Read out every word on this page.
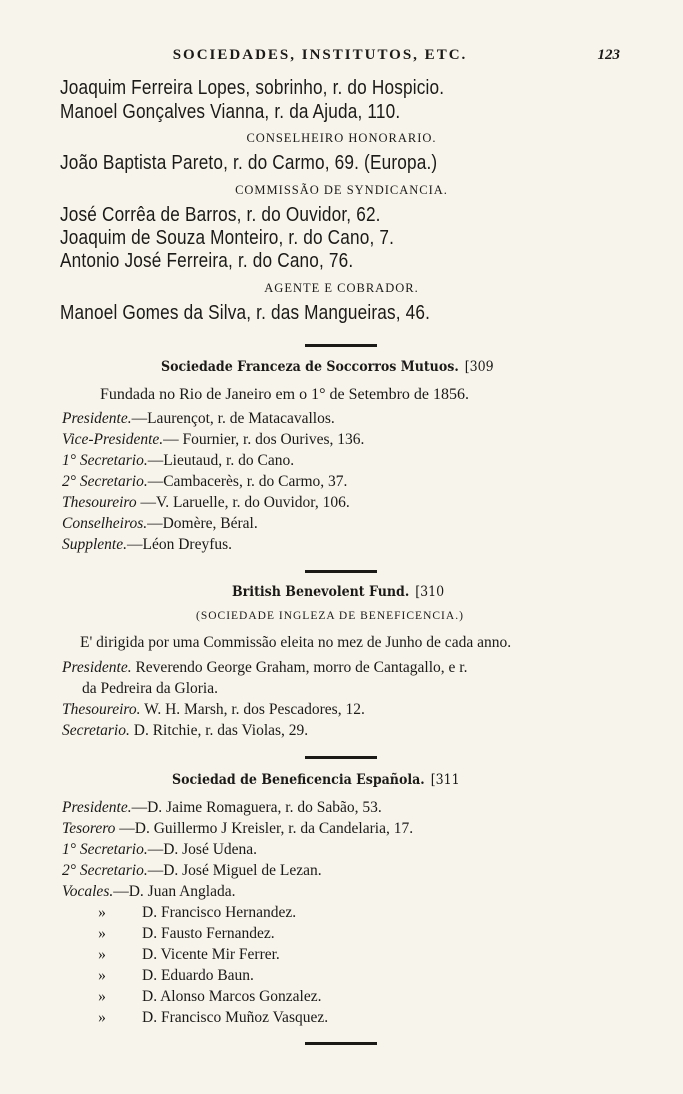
SOCIEDADES, INSTITUTOS, ETC.	123
Joaquim Ferreira Lopes, sobrinho, r. do Hospicio.
Manoel Gonçalves Vianna, r. da Ajuda, 110.
CONSELHEIRO HONORARIO.
João Baptista Pareto, r. do Carmo, 69. (Europa.)
COMMISSÃO DE SYNDICANCIA.
José Corrêa de Barros, r. do Ouvidor, 62.
Joaquim de Souza Monteiro, r. do Cano, 7.
Antonio José Ferreira, r. do Cano, 76.
AGENTE E COBRADOR.
Manoel Gomes da Silva, r. das Mangueiras, 46.
Sociedade Franceza de Soccorros Mutuos. [309
Fundada no Rio de Janeiro em o 1° de Setembro de 1856.
Presidente.—Laurençot, r. de Matacavallos.
Vice-Presidente.— Fournier, r. dos Ourives, 136.
1° Secretario.—Lieutaud, r. do Cano.
2° Secretario.—Cambacerès, r. do Carmo, 37.
Thesoureiro —V. Laruelle, r. do Ouvidor, 106.
Conselheiros.—Domère, Béral.
Supplente.—Léon Dreyfus.
British Benevolent Fund. [310
(SOCIEDADE INGLEZA DE BENEFICENCIA.)
E' dirigida por uma Commissão eleita no mez de Junho de cada anno.
Presidente. Reverendo George Graham, morro de Cantagallo, e r.
da Pedreira da Gloria.
Thesoureiro. W. H. Marsh, r. dos Pescadores, 12.
Secretario. D. Ritchie, r. das Violas, 29.
Sociedad de Beneficencia Española. [311
Presidente.—D. Jaime Romaguera, r. do Sabão, 53.
Tesorero —D. Guillermo J Kreisler, r. da Candelaria, 17.
1° Secretario.—D. José Udena.
2° Secretario.—D. José Miguel de Lezan.
Vocales.—D. Juan Anglada.
» D. Francisco Hernandez.
» D. Fausto Fernandez.
» D. Vicente Mir Ferrer.
» D. Eduardo Baun.
» D. Alonso Marcos Gonzalez.
» D. Francisco Muñoz Vasquez.
